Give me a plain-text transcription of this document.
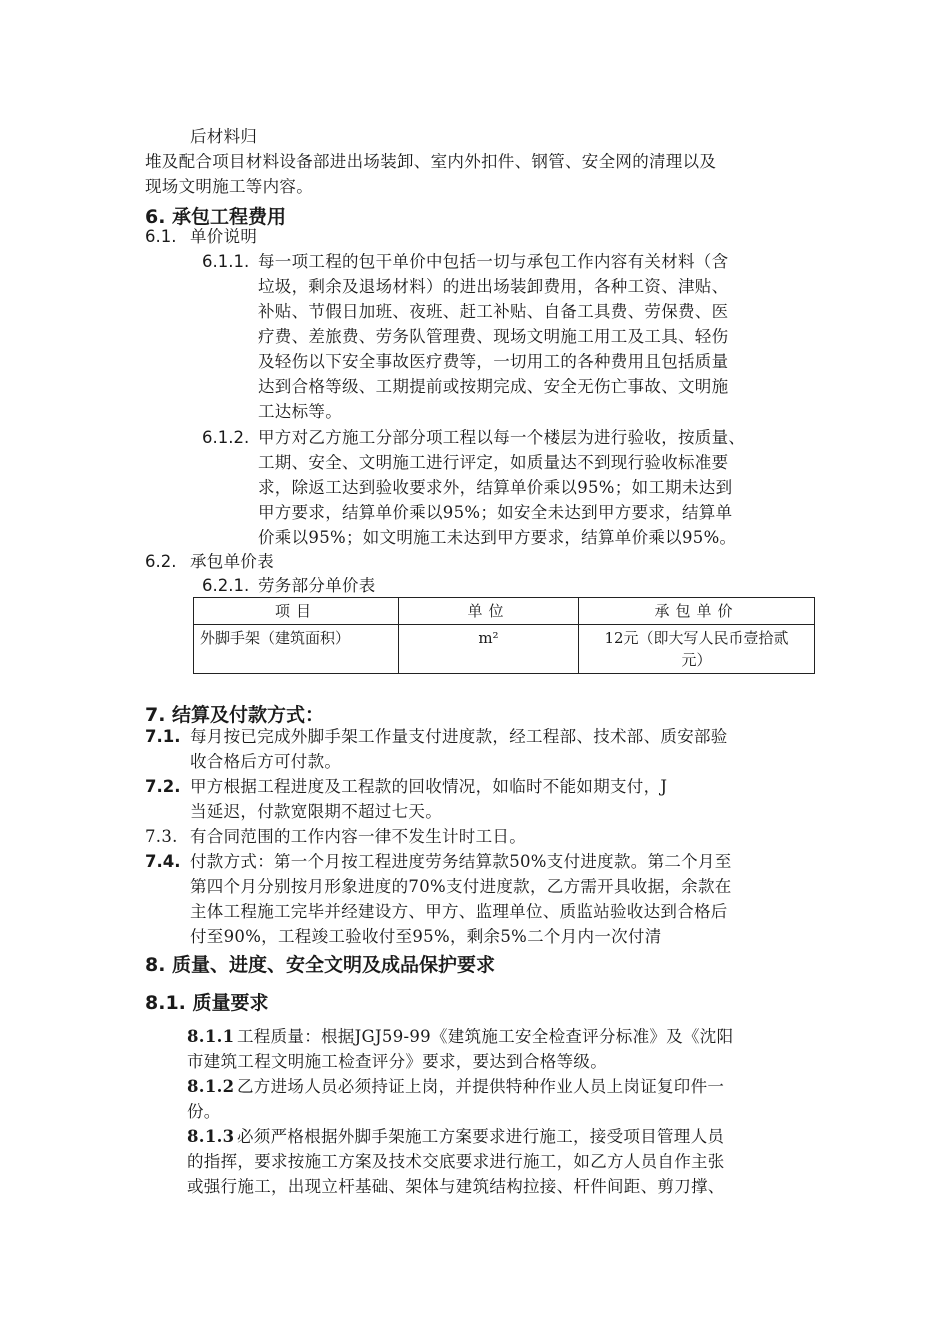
后材料归
堆及配合项目材料设备部进出场装卸、室内外扣件、钢管、安全网的清理以及
现场文明施工等内容。
6. 承包工程费用
6.1. 单价说明
6.1.1. 每一项工程的包干单价中包括一切与承包工作内容有关材料（含
垃圾，剩余及退场材料）的进出场装卸费用，各种工资、津贴、
补贴、节假日加班、夜班、赶工补贴、自备工具费、劳保费、医
疗费、差旅费、劳务队管理费、现场文明施工用工及工具、轻伤
及轻伤以下安全事故医疗费等，一切用工的各种费用且包括质量
达到合格等级、工期提前或按期完成、安全无伤亡事故、文明施
工达标等。
6.1.2. 甲方对乙方施工分部分项工程以每一个楼层为进行验收，按质量、
工期、安全、文明施工进行评定，如质量达不到现行验收标准要
求，除返工达到验收要求外，结算单价乘以95%；如工期未达到
甲方要求，结算单价乘以95%；如安全未达到甲方要求，结算单
价乘以95%；如文明施工未达到甲方要求，结算单价乘以95%。
6.2. 承包单价表
6.2.1. 劳务部分单价表
项目	单位	承包单价
外脚手架（建筑面积）	m²	12元（即大写人民币壹拾贰
元）
7. 结算及付款方式：
7.1. 每月按已完成外脚手架工作量支付进度款，经工程部、技术部、质安部验
收合格后方可付款。
7.2. 甲方根据工程进度及工程款的回收情况，如临时不能如期支付，J
当延迟，付款宽限期不超过七天。
7.3. 有合同范围的工作内容一律不发生计时工日。
7.4. 付款方式：第一个月按工程进度劳务结算款50%支付进度款。第二个月至
第四个月分别按月形象进度的70%支付进度款，乙方需开具收据，余款在
主体工程施工完毕并经建设方、甲方、监理单位、质监站验收达到合格后
付至90%，工程竣工验收付至95%，剩余5%二个月内一次付清
8. 质量、进度、安全文明及成品保护要求
8.1. 质量要求
8.1.1 工程质量：根据JGJ59-99《建筑施工安全检查评分标准》及《沈阳
市建筑工程文明施工检查评分》要求，要达到合格等级。
8.1.2 乙方进场人员必须持证上岗，并提供特种作业人员上岗证复印件一
份。
8.1.3 必须严格根据外脚手架施工方案要求进行施工，接受项目管理人员
的指挥，要求按施工方案及技术交底要求进行施工，如乙方人员自作主张
或强行施工，出现立杆基础、架体与建筑结构拉接、杆件间距、剪刀撑、
